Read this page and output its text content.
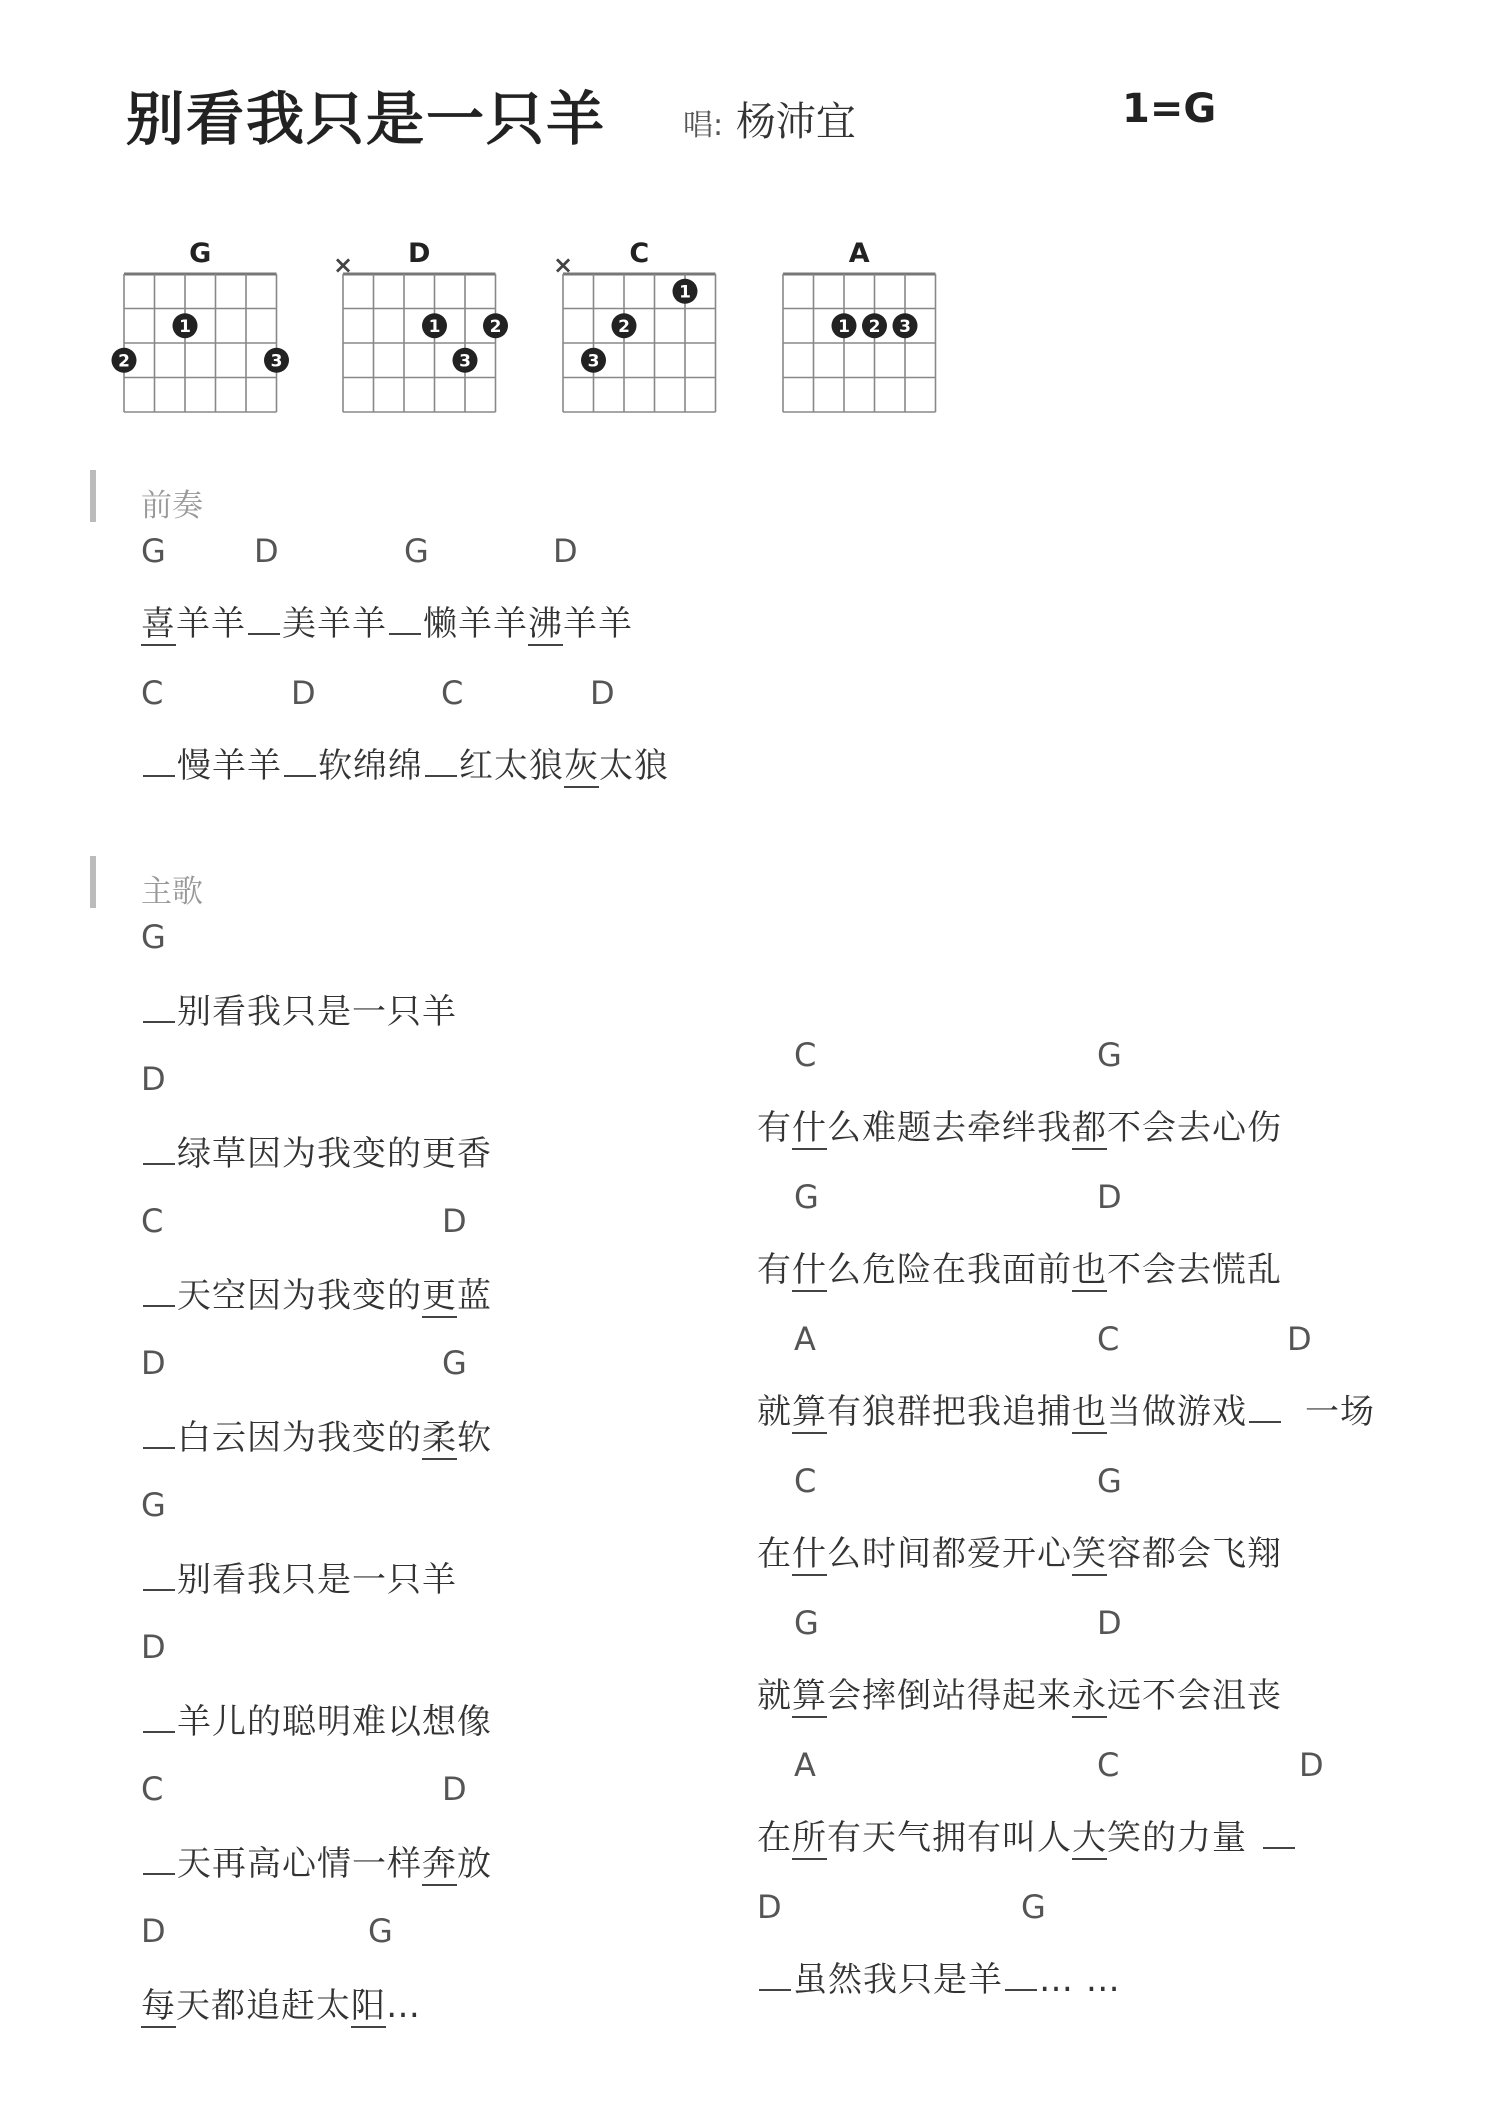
别看我只是一只羊	唱: 杨沛宜	1=G
G
1
2	3
D
×
1	2
3
C
×
1
2
3
A
1 2 3
前奏
G	D	G	D
喜羊羊 美羊羊 懒羊羊沸羊羊
C	D	C	D
慢羊羊 软绵绵 红太狼灰太狼
主歌
G
别看我只是一只羊
D
绿草因为我变的更香
C	D
天空因为我变的更蓝
D	G
白云因为我变的柔软
G
别看我只是一只羊
D
羊儿的聪明难以想像
C	D
天再高心情一样奔放
D	G
每天都追赶太阳…
C	G
有什么难题去牵绊我都不会去心伤
G	D
有什么危险在我面前也不会去慌乱
A	C	D
就算有狼群把我追捕也当做游戏 一场
C	G
在什么时间都爱开心笑容都会飞翔
G	D
就算会摔倒站得起来永远不会沮丧
A	C	D
在所有天气拥有叫人大笑的力量
D	G
虽然我只是羊 … …
